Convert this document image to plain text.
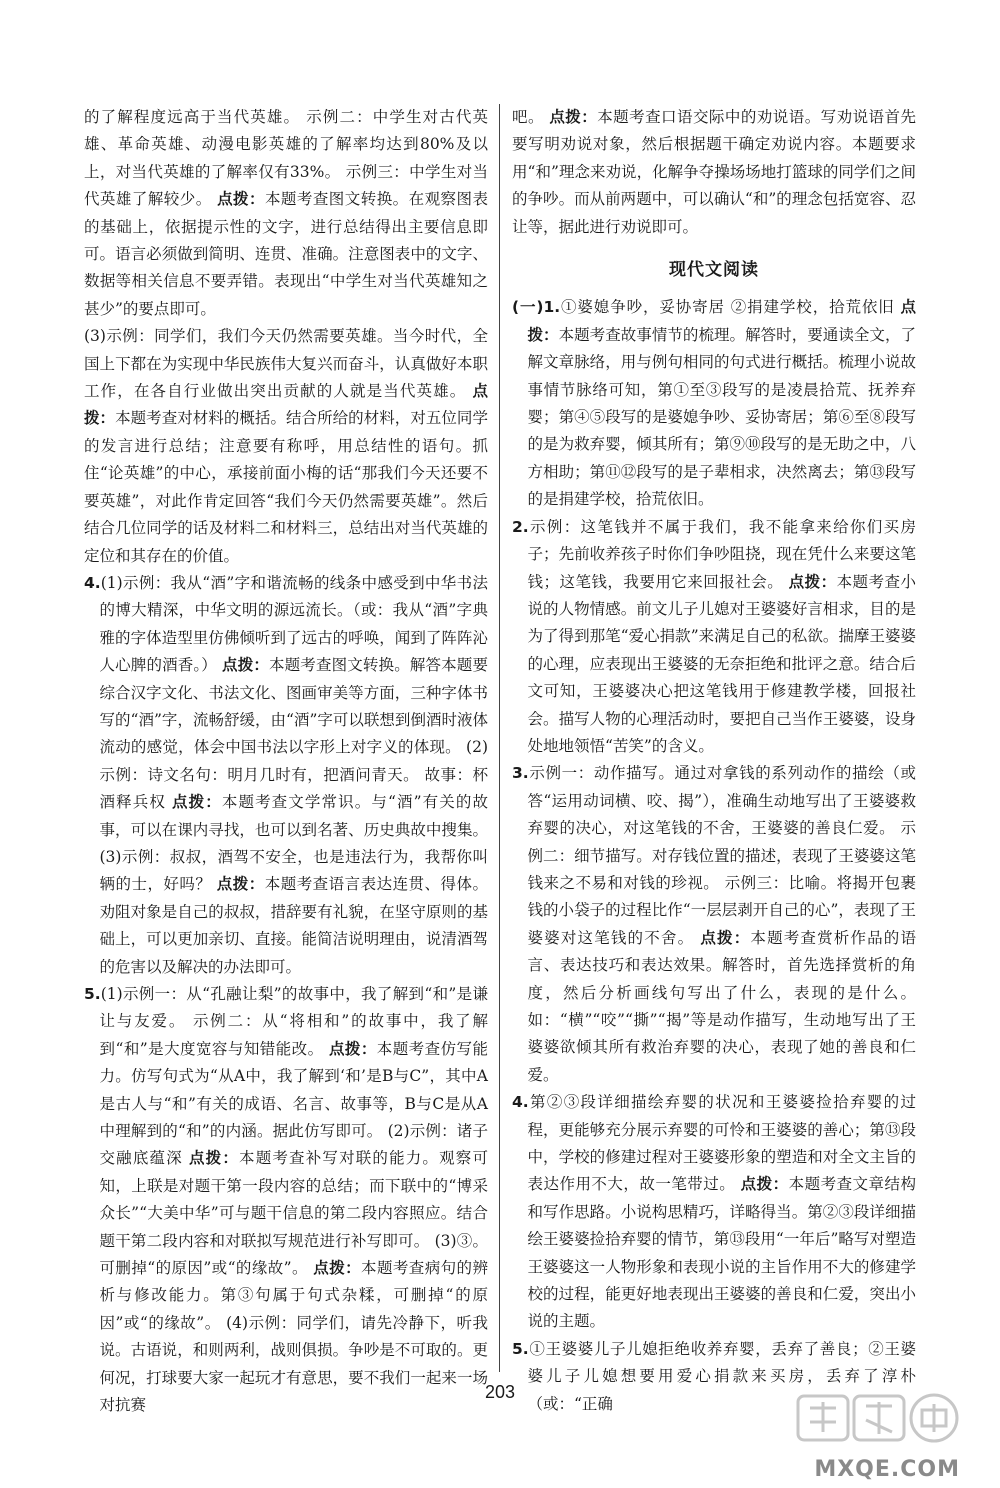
的了解程度远高于当代英雄。 示例二：中学生对古代英雄、革命英雄、动漫电影英雄的了解率均达到80%及以上，对当代英雄的了解率仅有33%。 示例三：中学生对当代英雄了解较少。 点拨：本题考查图文转换。在观察图表的基础上，依据提示性的文字，进行总结得出主要信息即可。语言必须做到简明、连贯、准确。注意图表中的文字、数据等相关信息不要弄错。表现出“中学生对当代英雄知之甚少”的要点即可。

(3)示例：同学们，我们今天仍然需要英雄。当今时代，全国上下都在为实现中华民族伟大复兴而奋斗，认真做好本职工作，在各自行业做出突出贡献的人就是当代英雄。 点拨：本题考查对材料的概括。结合所给的材料，对五位同学的发言进行总结；注意要有称呼，用总结性的语句。抓住“论英雄”的中心，承接前面小梅的话“那我们今天还要不要英雄”，对此作肯定回答“我们今天仍然需要英雄”。然后结合几位同学的话及材料二和材料三，总结出对当代英雄的定位和其存在的价值。

4.(1)示例：我从“酒”字和谐流畅的线条中感受到中华书法的博大精深，中华文明的源远流长。（或：我从“酒”字典雅的字体造型里仿佛倾听到了远古的呼唤，闻到了阵阵沁人心脾的酒香。） 点拨：本题考查图文转换。解答本题要综合汉字文化、书法文化、图画审美等方面，三种字体书写的“酒”字，流畅舒缓，由“酒”字可以联想到倒酒时液体流动的感觉，体会中国书法以字形上对字义的体现。 (2)示例：诗文名句：明月几时有，把酒问青天。 故事：杯酒释兵权 点拨：本题考查文学常识。与“酒”有关的故事，可以在课内寻找，也可以到名著、历史典故中搜集。 (3)示例：叔叔，酒驾不安全，也是违法行为，我帮你叫辆的士，好吗？ 点拨：本题考查语言表达连贯、得体。劝阻对象是自己的叔叔，措辞要有礼貌，在坚守原则的基础上，可以更加亲切、直接。能简洁说明理由，说清酒驾的危害以及解决的办法即可。

5.(1)示例一：从“孔融让梨”的故事中，我了解到“和”是谦让与友爱。 示例二：从“将相和”的故事中，我了解到“和”是大度宽容与知错能改。 点拨：本题考查仿写能力。仿写句式为“从A中，我了解到‘和’是B与C”，其中A是古人与“和”有关的成语、名言、故事等，B与C是从A中理解到的“和”的内涵。据此仿写即可。 (2)示例：诸子交融底蕴深 点拨：本题考查补写对联的能力。观察可知，上联是对题干第一段内容的总结；而下联中的“博采众长”“大美中华”可与题干信息的第二段内容照应。结合题干第二段内容和对联拟写规范进行补写即可。 (3)③。可删掉“的原因”或“的缘故”。 点拨：本题考查病句的辨析与修改能力。第③句属于句式杂糅，可删掉“的原因”或“的缘故”。 (4)示例：同学们，请先冷静下，听我说。古语说，和则两利，战则俱损。争吵是不可取的。更何况，打球要大家一起玩才有意思，要不我们一起来一场对抗赛

吧。 点拨：本题考查口语交际中的劝说语。写劝说语首先要写明劝说对象，然后根据题干确定劝说内容。本题要求用“和”理念来劝说，化解争夺操场场地打篮球的同学们之间的争吵。而从前两题中，可以确认“和”的理念包括宽容、忍让等，据此进行劝说即可。

现代文阅读

(一)1.①婆媳争吵，妥协寄居 ②捐建学校，拾荒依旧 点拨：本题考查故事情节的梳理。解答时，要通读全文，了解文章脉络，用与例句相同的句式进行概括。梳理小说故事情节脉络可知，第①至③段写的是凌晨拾荒、抚养弃婴；第④⑤段写的是婆媳争吵、妥协寄居；第⑥至⑧段写的是为救弃婴，倾其所有；第⑨⑩段写的是无助之中，八方相助；第⑪⑫段写的是子辈相求，决然离去；第⑬段写的是捐建学校，拾荒依旧。

2.示例：这笔钱并不属于我们，我不能拿来给你们买房子；先前收养孩子时你们争吵阻挠，现在凭什么来要这笔钱；这笔钱，我要用它来回报社会。 点拨：本题考查小说的人物情感。前文儿子儿媳对王婆婆好言相求，目的是为了得到那笔“爱心捐款”来满足自己的私欲。揣摩王婆婆的心理，应表现出王婆婆的无奈拒绝和批评之意。结合后文可知，王婆婆决心把这笔钱用于修建教学楼，回报社会。描写人物的心理活动时，要把自己当作王婆婆，设身处地地领悟“苦笑”的含义。

3.示例一：动作描写。通过对拿钱的系列动作的描绘（或答“运用动词横、咬、揭”），准确生动地写出了王婆婆救弃婴的决心，对这笔钱的不舍，王婆婆的善良仁爱。 示例二：细节描写。对存钱位置的描述，表现了王婆婆这笔钱来之不易和对钱的珍视。 示例三：比喻。将揭开包裹钱的小袋子的过程比作“一层层剥开自己的心”，表现了王婆婆对这笔钱的不舍。 点拨：本题考查赏析作品的语言、表达技巧和表达效果。解答时，首先选择赏析的角度，然后分析画线句写出了什么，表现的是什么。如：“横”“咬”“撕”“揭”等是动作描写，生动地写出了王婆婆欲倾其所有救治弃婴的决心，表现了她的善良和仁爱。

4.第②③段详细描绘弃婴的状况和王婆婆捡拾弃婴的过程，更能够充分展示弃婴的可怜和王婆婆的善心；第⑬段中，学校的修建过程对王婆婆形象的塑造和对全文主旨的表达作用不大，故一笔带过。 点拨：本题考查文章结构和写作思路。小说构思精巧，详略得当。第②③段详细描绘王婆婆捡拾弃婴的情节，第⑬段用“一年后”略写对塑造王婆婆这一人物形象和表现小说的主旨作用不大的修建学校的过程，能更好地表现出王婆婆的善良和仁爱，突出小说的主题。

5.①王婆婆儿子儿媳拒绝收养弃婴，丢弃了善良；②王婆婆儿子儿媳想要用爱心捐款来买房，丢弃了淳朴（或：“正确

203
MXQE.COM
